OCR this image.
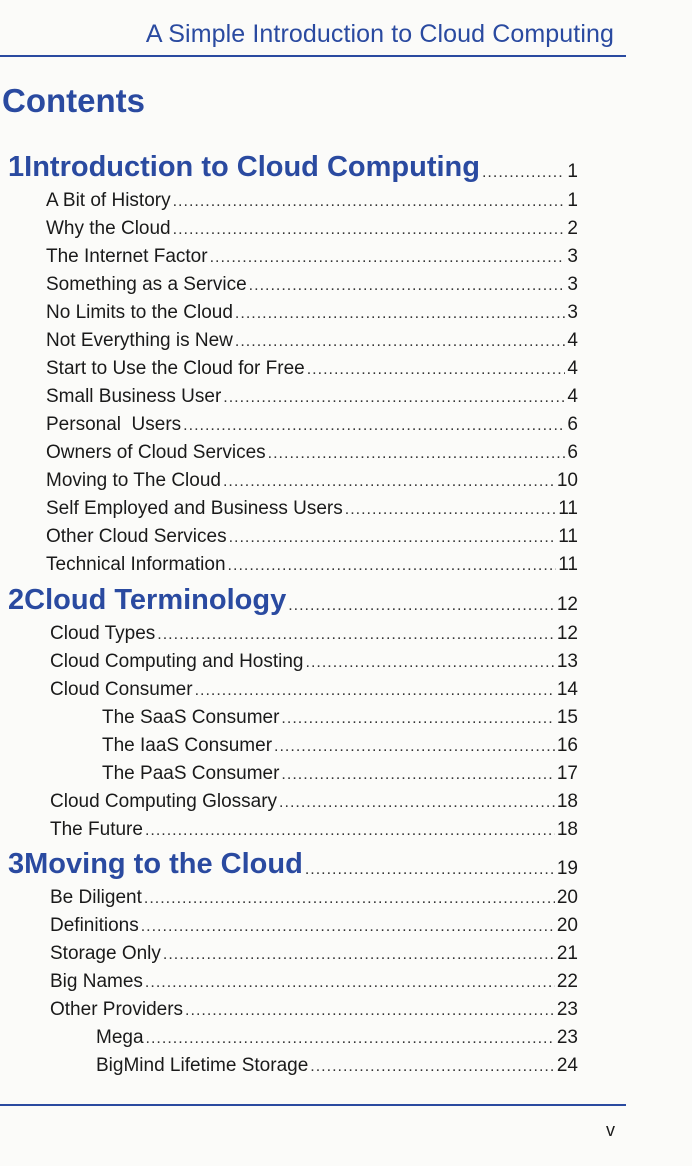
A Simple Introduction to Cloud Computing
Contents
1 Introduction to Cloud Computing .....	1
A Bit of History .....	1
Why the Cloud .....	2
The Internet Factor .....	3
Something as a Service .....	3
No Limits to the Cloud .....	3
Not Everything is New .....	4
Start to Use the Cloud for Free .....	4
Small Business User .....	4
Personal  Users .....	6
Owners of Cloud Services .....	6
Moving to The Cloud .....	10
Self Employed and Business Users .....	11
Other Cloud Services .....	11
Technical Information .....	11
2 Cloud Terminology .....	12
Cloud Types .....	12
Cloud Computing and Hosting .....	13
Cloud Consumer .....	14
The SaaS Consumer .....	15
The IaaS Consumer .....	16
The PaaS Consumer .....	17
Cloud Computing Glossary .....	18
The Future .....	18
3 Moving to the Cloud .....	19
Be Diligent .....	20
Definitions .....	20
Storage Only .....	21
Big Names .....	22
Other Providers .....	23
Mega .....	23
BigMind Lifetime Storage .....	24
v
